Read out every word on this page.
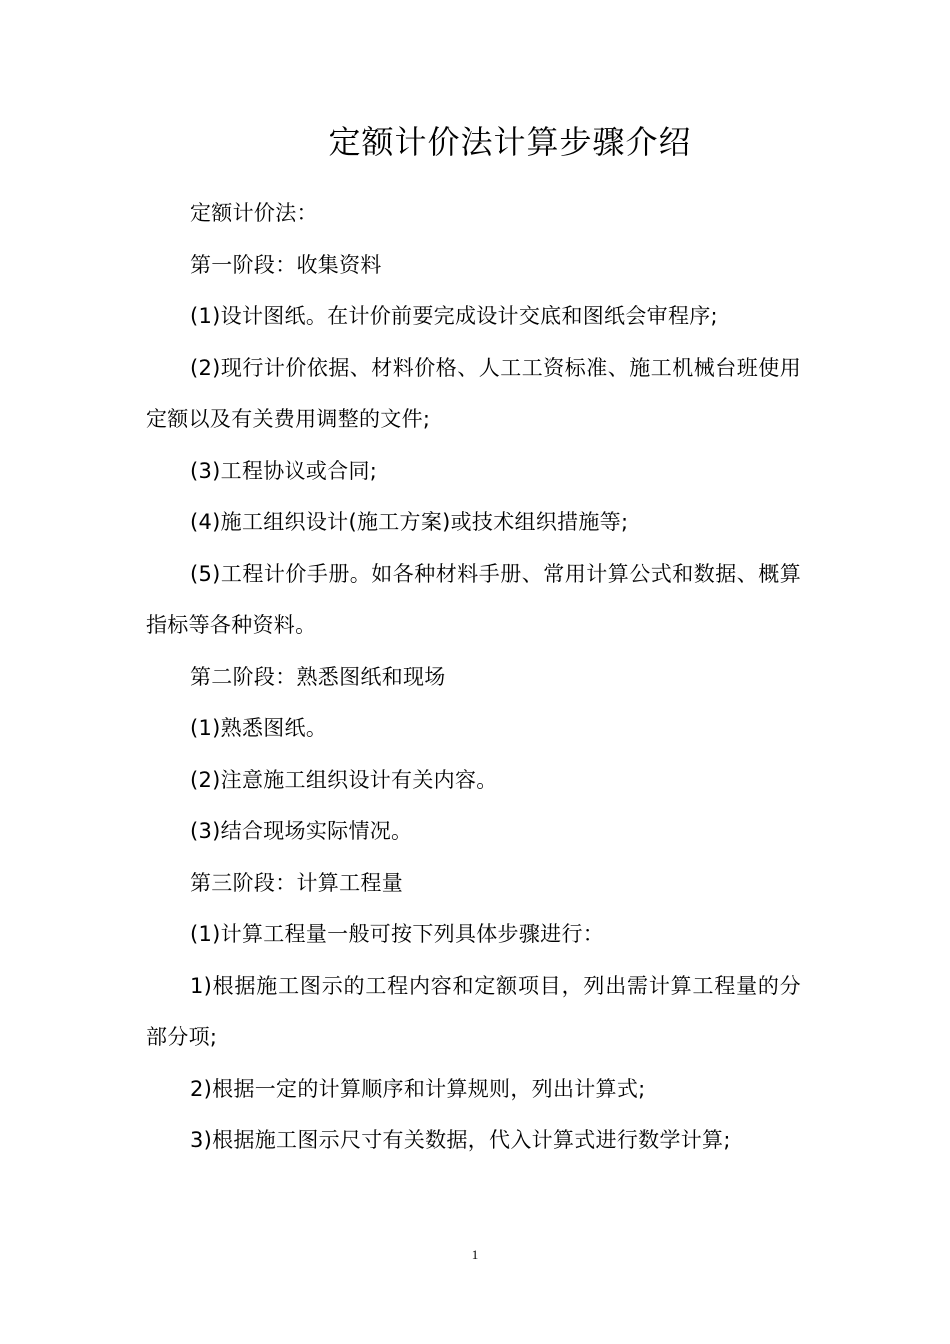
定额计价法计算步骤介绍

定额计价法：

第一阶段：收集资料

(1)设计图纸。在计价前要完成设计交底和图纸会审程序;

(2)现行计价依据、材料价格、人工工资标准、施工机械台班使用定额以及有关费用调整的文件;

(3)工程协议或合同;

(4)施工组织设计(施工方案)或技术组织措施等;

(5)工程计价手册。如各种材料手册、常用计算公式和数据、概算指标等各种资料。

第二阶段：熟悉图纸和现场

(1)熟悉图纸。

(2)注意施工组织设计有关内容。

(3)结合现场实际情况。

第三阶段：计算工程量

(1)计算工程量一般可按下列具体步骤进行：

1)根据施工图示的工程内容和定额项目，列出需计算工程量的分部分项;

2)根据一定的计算顺序和计算规则，列出计算式;

3)根据施工图示尺寸有关数据，代入计算式进行数学计算;

1
